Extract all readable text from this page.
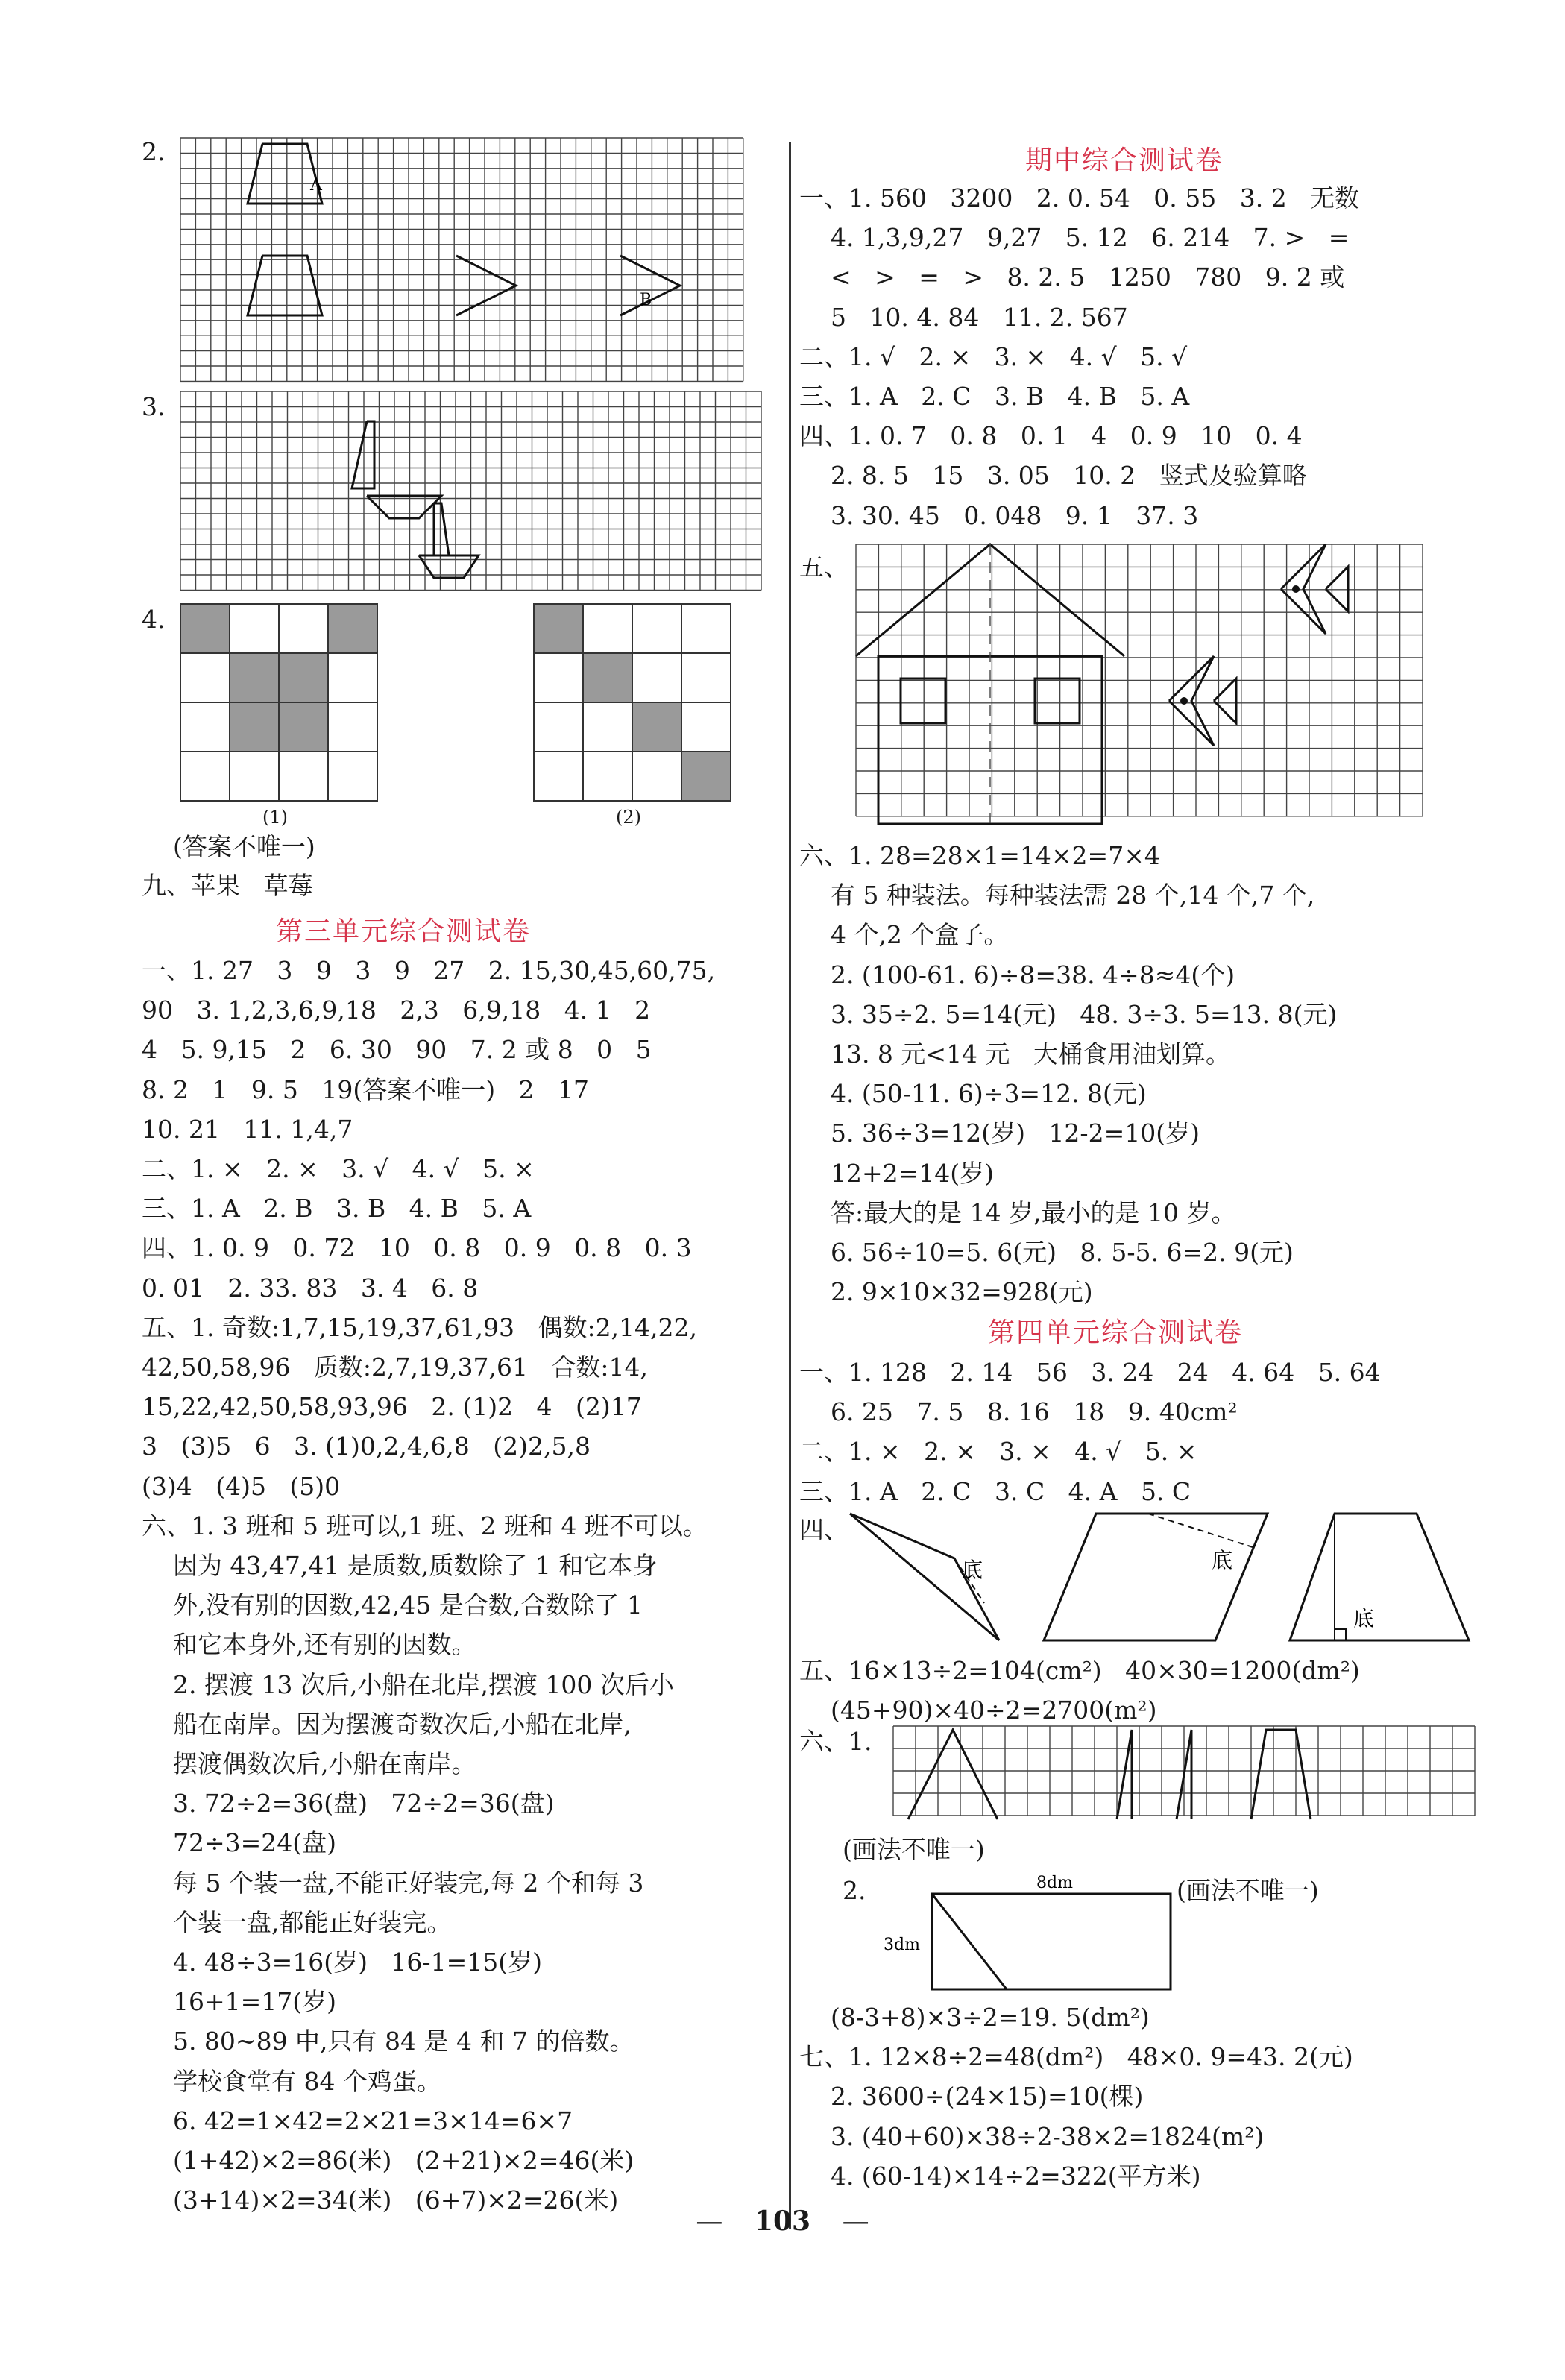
2.
A
B
3.
4.
(1)	(2)
(答案不唯一)
九、苹果   草莓
第三单元综合测试卷
一、1. 27   3   9   3   9   27   2. 15,30,45,60,75,
90   3. 1,2,3,6,9,18   2,3   6,9,18   4. 1   2
4   5. 9,15   2   6. 30   90   7. 2 或 8   0   5
8. 2   1   9. 5   19(答案不唯一)   2   17
10. 21   11. 1,4,7
二、1. ×   2. ×   3. √   4. √   5. ×
三、1. A   2. B   3. B   4. B   5. A
四、1. 0. 9   0. 72   10   0. 8   0. 9   0. 8   0. 3
0. 01   2. 33. 83   3. 4   6. 8
五、1. 奇数:1,7,15,19,37,61,93   偶数:2,14,22,
42,50,58,96   质数:2,7,19,37,61   合数:14,
15,22,42,50,58,93,96   2. (1)2   4   (2)17
3   (3)5   6   3. (1)0,2,4,6,8   (2)2,5,8
(3)4   (4)5   (5)0
六、1. 3 班和 5 班可以,1 班、2 班和 4 班不可以。
因为 43,47,41 是质数,质数除了 1 和它本身
外,没有别的因数,42,45 是合数,合数除了 1
和它本身外,还有别的因数。
2. 摆渡 13 次后,小船在北岸,摆渡 100 次后小
船在南岸。因为摆渡奇数次后,小船在北岸,
摆渡偶数次后,小船在南岸。
3. 72÷2=36(盘)   72÷2=36(盘)
72÷3=24(盘)
每 5 个装一盘,不能正好装完,每 2 个和每 3
个装一盘,都能正好装完。
4. 48÷3=16(岁)   16-1=15(岁)
16+1=17(岁)
5. 80~89 中,只有 84 是 4 和 7 的倍数。
学校食堂有 84 个鸡蛋。
6. 42=1×42=2×21=3×14=6×7
(1+42)×2=86(米)   (2+21)×2=46(米)
(3+14)×2=34(米)   (6+7)×2=26(米)
期中综合测试卷
一、1. 560   3200   2. 0. 54   0. 55   3. 2   无数
4. 1,3,9,27   9,27   5. 12   6. 214   7. >   =
<   >   =   >   8. 2. 5   1250   780   9. 2 或
5   10. 4. 84   11. 2. 567
二、1. √   2. ×   3. ×   4. √   5. √
三、1. A   2. C   3. B   4. B   5. A
四、1. 0. 7   0. 8   0. 1   4   0. 9   10   0. 4
2. 8. 5   15   3. 05   10. 2   竖式及验算略
3. 30. 45   0. 048   9. 1   37. 3
五、
六、1. 28=28×1=14×2=7×4
有 5 种装法。每种装法需 28 个,14 个,7 个,
4 个,2 个盒子。
2. (100-61. 6)÷8=38. 4÷8≈4(个)
3. 35÷2. 5=14(元)   48. 3÷3. 5=13. 8(元)
13. 8 元<14 元   大桶食用油划算。
4. (50-11. 6)÷3=12. 8(元)
5. 36÷3=12(岁)   12-2=10(岁)
12+2=14(岁)
答:最大的是 14 岁,最小的是 10 岁。
6. 56÷10=5. 6(元)   8. 5-5. 6=2. 9(元)
2. 9×10×32=928(元)
第四单元综合测试卷
一、1. 128   2. 14   56   3. 24   24   4. 64   5. 64
6. 25   7. 5   8. 16   18   9. 40cm²
二、1. ×   2. ×   3. ×   4. √   5. ×
三、1. A   2. C   3. C   4. A   5. C
四、
底	底
底
五、16×13÷2=104(cm²)   40×30=1200(dm²)
(45+90)×40÷2=2700(m²)
六、1.
(画法不唯一)
2.	8dm
3dm
(画法不唯一)
(8-3+8)×3÷2=19. 5(dm²)
七、1. 12×8÷2=48(dm²)   48×0. 9=43. 2(元)
2. 3600÷(24×15)=10(棵)
3. (40+60)×38÷2-38×2=1824(m²)
4. (60-14)×14÷2=322(平方米)
— 103 —
